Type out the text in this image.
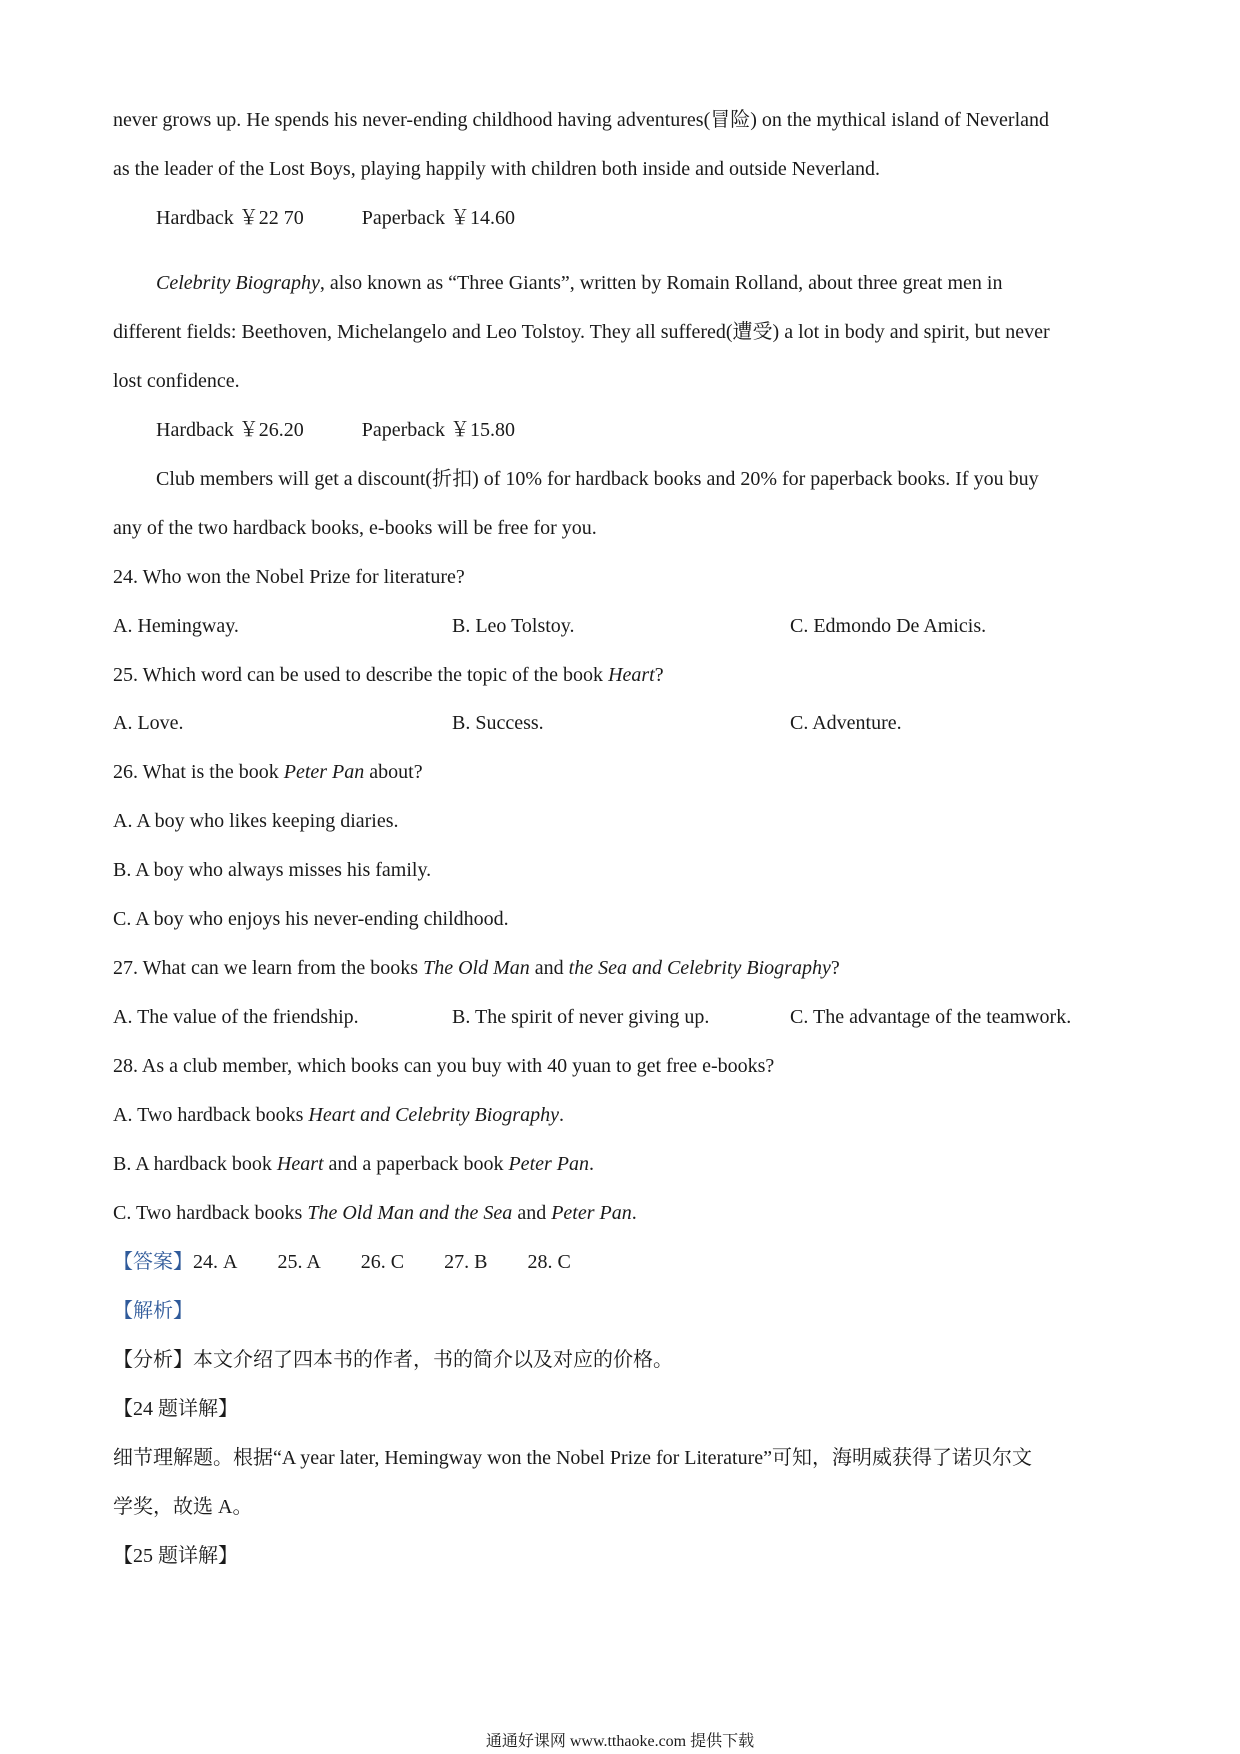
never grows up. He spends his never-ending childhood having adventures(冒险) on the mythical island of Neverland
as the leader of the Lost Boys, playing happily with children both inside and outside Neverland.
Hardback ￥22 70	Paperback ￥14.60
Celebrity Biography, also known as “Three Giants”, written by Romain Rolland, about three great men in
different fields: Beethoven, Michelangelo and Leo Tolstoy. They all suffered(遭受) a lot in body and spirit, but never
lost confidence.
Hardback ￥26.20	Paperback ￥15.80
Club members will get a discount(折扣) of 10% for hardback books and 20% for paperback books. If you buy
any of the two hardback books, e-books will be free for you.
24. Who won the Nobel Prize for literature?
A. Hemingway.	B. Leo Tolstoy.	C. Edmondo De Amicis.
25. Which word can be used to describe the topic of the book Heart?
A. Love.	B. Success.	C. Adventure.
26. What is the book Peter Pan about?
A. A boy who likes keeping diaries.
B. A boy who always misses his family.
C. A boy who enjoys his never-ending childhood.
27. What can we learn from the books The Old Man and the Sea and Celebrity Biography?
A. The value of the friendship.	B. The spirit of never giving up.	C. The advantage of the teamwork.
28. As a club member, which books can you buy with 40 yuan to get free e-books?
A. Two hardback books Heart and Celebrity Biography.
B. A hardback book Heart and a paperback book Peter Pan.
C. Two hardback books The Old Man and the Sea and Peter Pan.
【答案】24. A 25. A 26. C 27. B 28. C
【解析】
【分析】本文介绍了四本书的作者，书的简介以及对应的价格。
【24 题详解】
细节理解题。根据“A year later, Hemingway won the Nobel Prize for Literature”可知，海明威获得了诺贝尔文
学奖，故选 A。
【25 题详解】
通通好课网 www.tthaoke.com 提供下载
